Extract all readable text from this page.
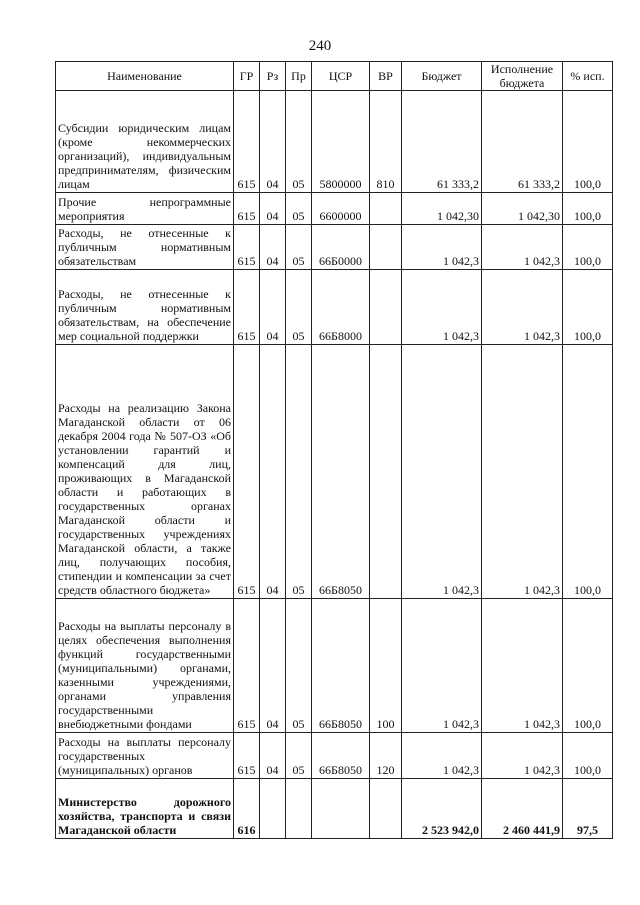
240
Наименование	ГР	Рз	Пр	ЦСР	ВР	Бюджет	Исполнение бюджета	% исп.
Субсидии юридическим лицам (кроме некоммерческих организаций), индивидуальным предпринимателям, физическим лицам	615	04	05	5800000	810	61 333,2	61 333,2	100,0
Прочие непрограммные мероприятия	615	04	05	6600000		1 042,30	1 042,30	100,0
Расходы, не отнесенные к публичным нормативным обязательствам	615	04	05	66Б0000		1 042,3	1 042,3	100,0
Расходы, не отнесенные к публичным нормативным обязательствам, на обеспечение мер социальной поддержки	615	04	05	66Б8000		1 042,3	1 042,3	100,0
Расходы на реализацию Закона Магаданской области от 06 декабря 2004 года № 507-ОЗ «Об установлении гарантий и компенсаций для лиц, проживающих в Магаданской области и работающих в государственных органах Магаданской области и государственных учреждениях Магаданской области, а также лиц, получающих пособия, стипендии и компенсации за счет средств областного бюджета»	615	04	05	66Б8050		1 042,3	1 042,3	100,0
Расходы на выплаты персоналу в целях обеспечения выполнения функций государственными (муниципальными) органами, казенными учреждениями, органами управления государственными внебюджетными фондами	615	04	05	66Б8050	100	1 042,3	1 042,3	100,0
Расходы на выплаты персоналу государственных (муниципальных) органов	615	04	05	66Б8050	120	1 042,3	1 042,3	100,0
Министерство дорожного хозяйства, транспорта и связи Магаданской области	616					2 523 942,0	2 460 441,9	97,5
